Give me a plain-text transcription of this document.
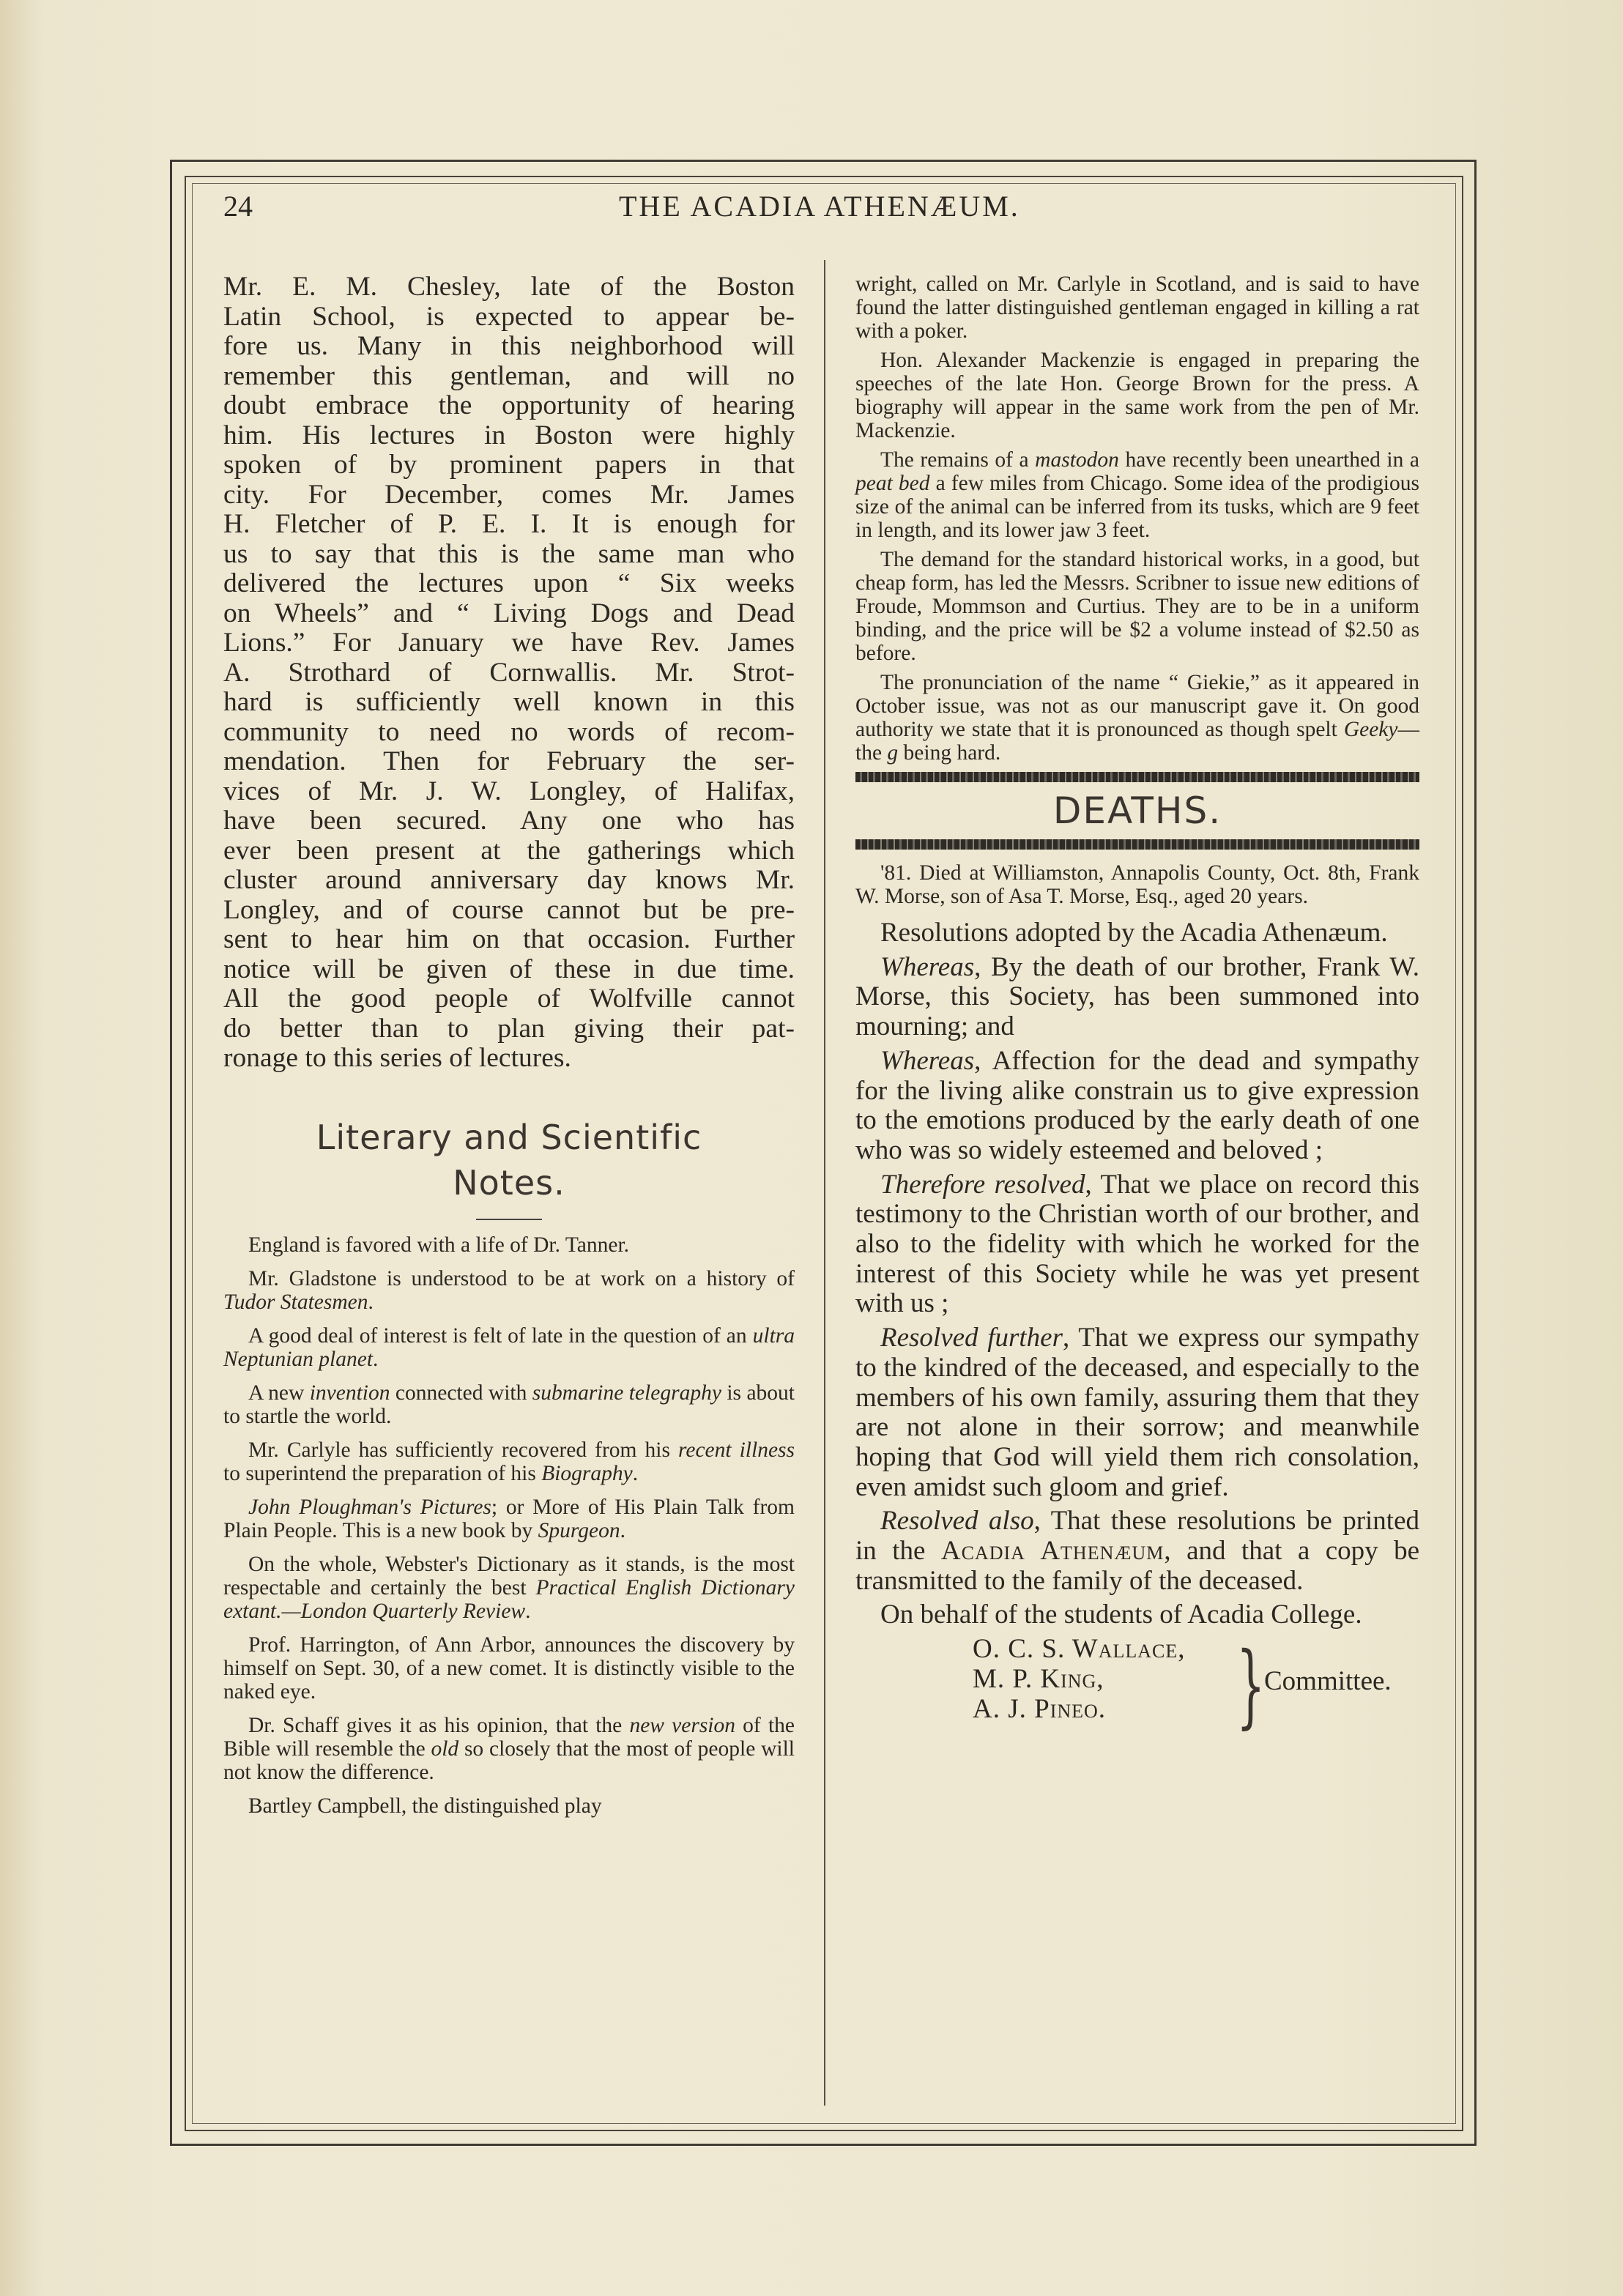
24	THE ACADIA ATHENÆUM.
Mr. E. M. Chesley, late of the Boston
Latin School, is expected to appear be-
fore us. Many in this neighborhood will
remember this gentleman, and will no
doubt embrace the opportunity of hearing
him. His lectures in Boston were highly
spoken of by prominent papers in that
city. For December, comes Mr. James
H. Fletcher of P. E. I. It is enough for
us to say that this is the same man who
delivered the lectures upon “ Six weeks
on Wheels” and “ Living Dogs and Dead
Lions.” For January we have Rev. James
A. Strothard of Cornwallis. Mr. Strot-
hard is sufficiently well known in this
community to need no words of recom-
mendation. Then for February the ser-
vices of Mr. J. W. Longley, of Halifax,
have been secured. Any one who has
ever been present at the gatherings which
cluster around anniversary day knows Mr.
Longley, and of course cannot but be pre-
sent to hear him on that occasion. Further
notice will be given of these in due time.
All the good people of Wolfville cannot
do better than to plan giving their pat-
ronage to this series of lectures.

Literary and Scientific

Notes.

England is favored with a life of Dr. Tanner.

Mr. Gladstone is understood to be at work on a history of Tudor Statesmen.

A good deal of interest is felt of late in the question of an ultra Neptunian planet.

A new invention connected with submarine telegraphy is about to startle the world.

Mr. Carlyle has sufficiently recovered from his recent illness to superintend the preparation of his Biography.

John Ploughman's Pictures; or More of His Plain Talk from Plain People. This is a new book by Spurgeon.

On the whole, Webster's Dictionary as it stands, is the most respectable and certainly the best Practical English Dictionary extant.—London Quarterly Review.

Prof. Harrington, of Ann Arbor, announces the discovery by himself on Sept. 30, of a new comet. It is distinctly visible to the naked eye.

Dr. Schaff gives it as his opinion, that the new version of the Bible will resemble the old so closely that the most of people will not know the difference.

Bartley Campbell, the distinguished play

wright, called on Mr. Carlyle in Scotland, and is said to have found the latter distinguished gentleman engaged in killing a rat with a poker.

Hon. Alexander Mackenzie is engaged in preparing the speeches of the late Hon. George Brown for the press. A biography will appear in the same work from the pen of Mr. Mackenzie.

The remains of a mastodon have recently been unearthed in a peat bed a few miles from Chicago. Some idea of the prodigious size of the animal can be inferred from its tusks, which are 9 feet in length, and its lower jaw 3 feet.

The demand for the standard historical works, in a good, but cheap form, has led the Messrs. Scribner to issue new editions of Froude, Mommson and Curtius. They are to be in a uniform binding, and the price will be $2 a volume instead of $2.50 as before.

The pronunciation of the name “ Giekie,” as it appeared in October issue, was not as our manuscript gave it. On good authority we state that it is pronounced as though spelt Geeky—the g being hard.

DEATHS.

'81. Died at Williamston, Annapolis County, Oct. 8th, Frank W. Morse, son of Asa T. Morse, Esq., aged 20 years.

Resolutions adopted by the Acadia Athenæum.

Whereas, By the death of our brother, Frank W. Morse, this Society, has been summoned into mourning; and

Whereas, Affection for the dead and sympathy for the living alike constrain us to give expression to the emotions produced by the early death of one who was so widely esteemed and beloved ;

Therefore resolved, That we place on record this testimony to the Christian worth of our brother, and also to the fidelity with which he worked for the interest of this Society while he was yet present with us ;

Resolved further, That we express our sympathy to the kindred of the deceased, and especially to the members of his own family, assuring them that they are not alone in their sorrow; and meanwhile hoping that God will yield them rich consolation, even amidst such gloom and grief.

Resolved also, That these resolutions be printed in the Acadia Athenæum, and that a copy be transmitted to the family of the deceased.

On behalf of the students of Acadia College.

O. C. S. Wallace,
M. P. King,
A. J. Pineo.	}
Committee.
